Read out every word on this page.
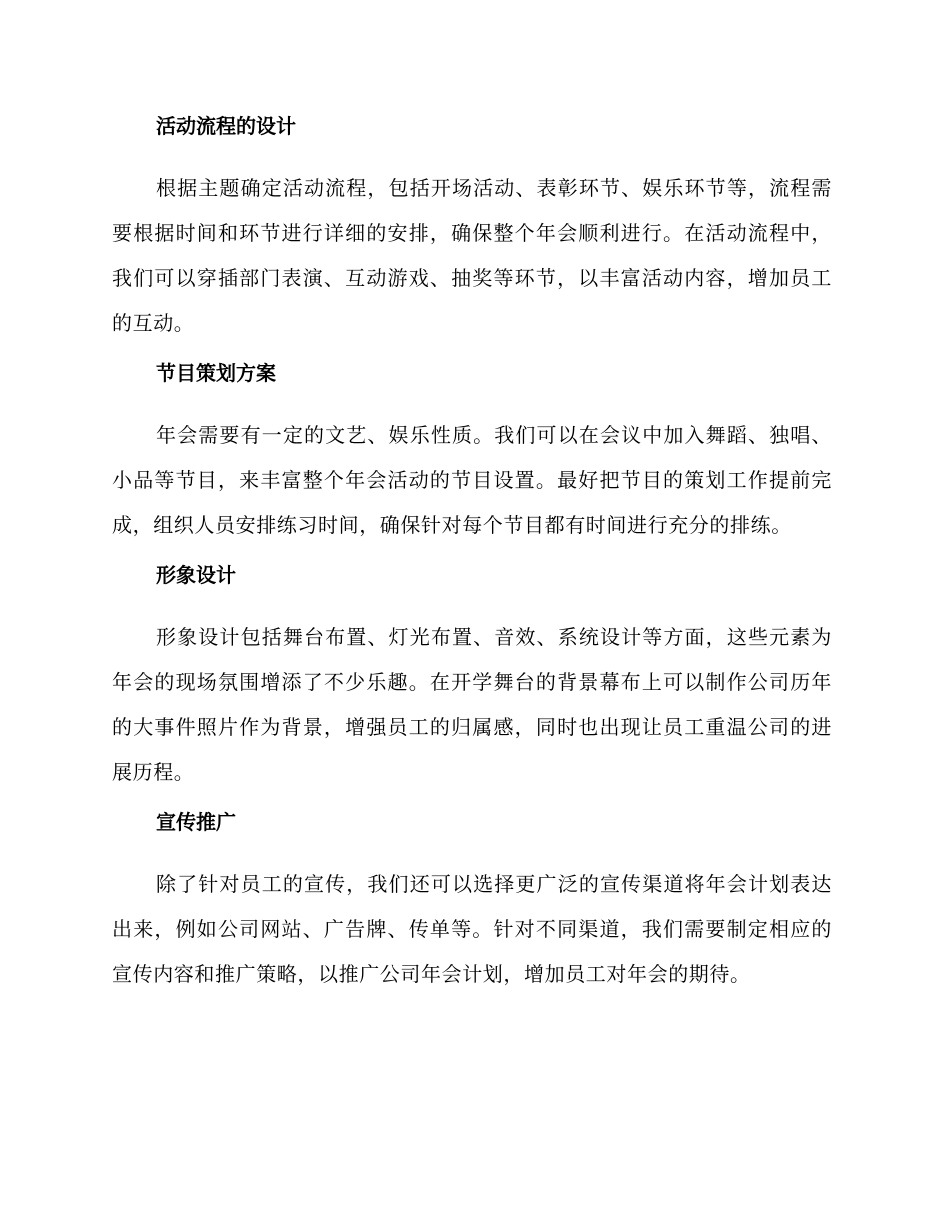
活动流程的设计

根据主题确定活动流程，包括开场活动、表彰环节、娱乐环节等，流程需要根据时间和环节进行详细的安排，确保整个年会顺利进行。在活动流程中，我们可以穿插部门表演、互动游戏、抽奖等环节，以丰富活动内容，增加员工的互动。

节目策划方案

年会需要有一定的文艺、娱乐性质。我们可以在会议中加入舞蹈、独唱、小品等节目，来丰富整个年会活动的节目设置。最好把节目的策划工作提前完成，组织人员安排练习时间，确保针对每个节目都有时间进行充分的排练。

形象设计

形象设计包括舞台布置、灯光布置、音效、系统设计等方面，这些元素为年会的现场氛围增添了不少乐趣。在开学舞台的背景幕布上可以制作公司历年的大事件照片作为背景，增强员工的归属感，同时也出现让员工重温公司的进展历程。

宣传推广

除了针对员工的宣传，我们还可以选择更广泛的宣传渠道将年会计划表达出来，例如公司网站、广告牌、传单等。针对不同渠道，我们需要制定相应的宣传内容和推广策略，以推广公司年会计划，增加员工对年会的期待。
